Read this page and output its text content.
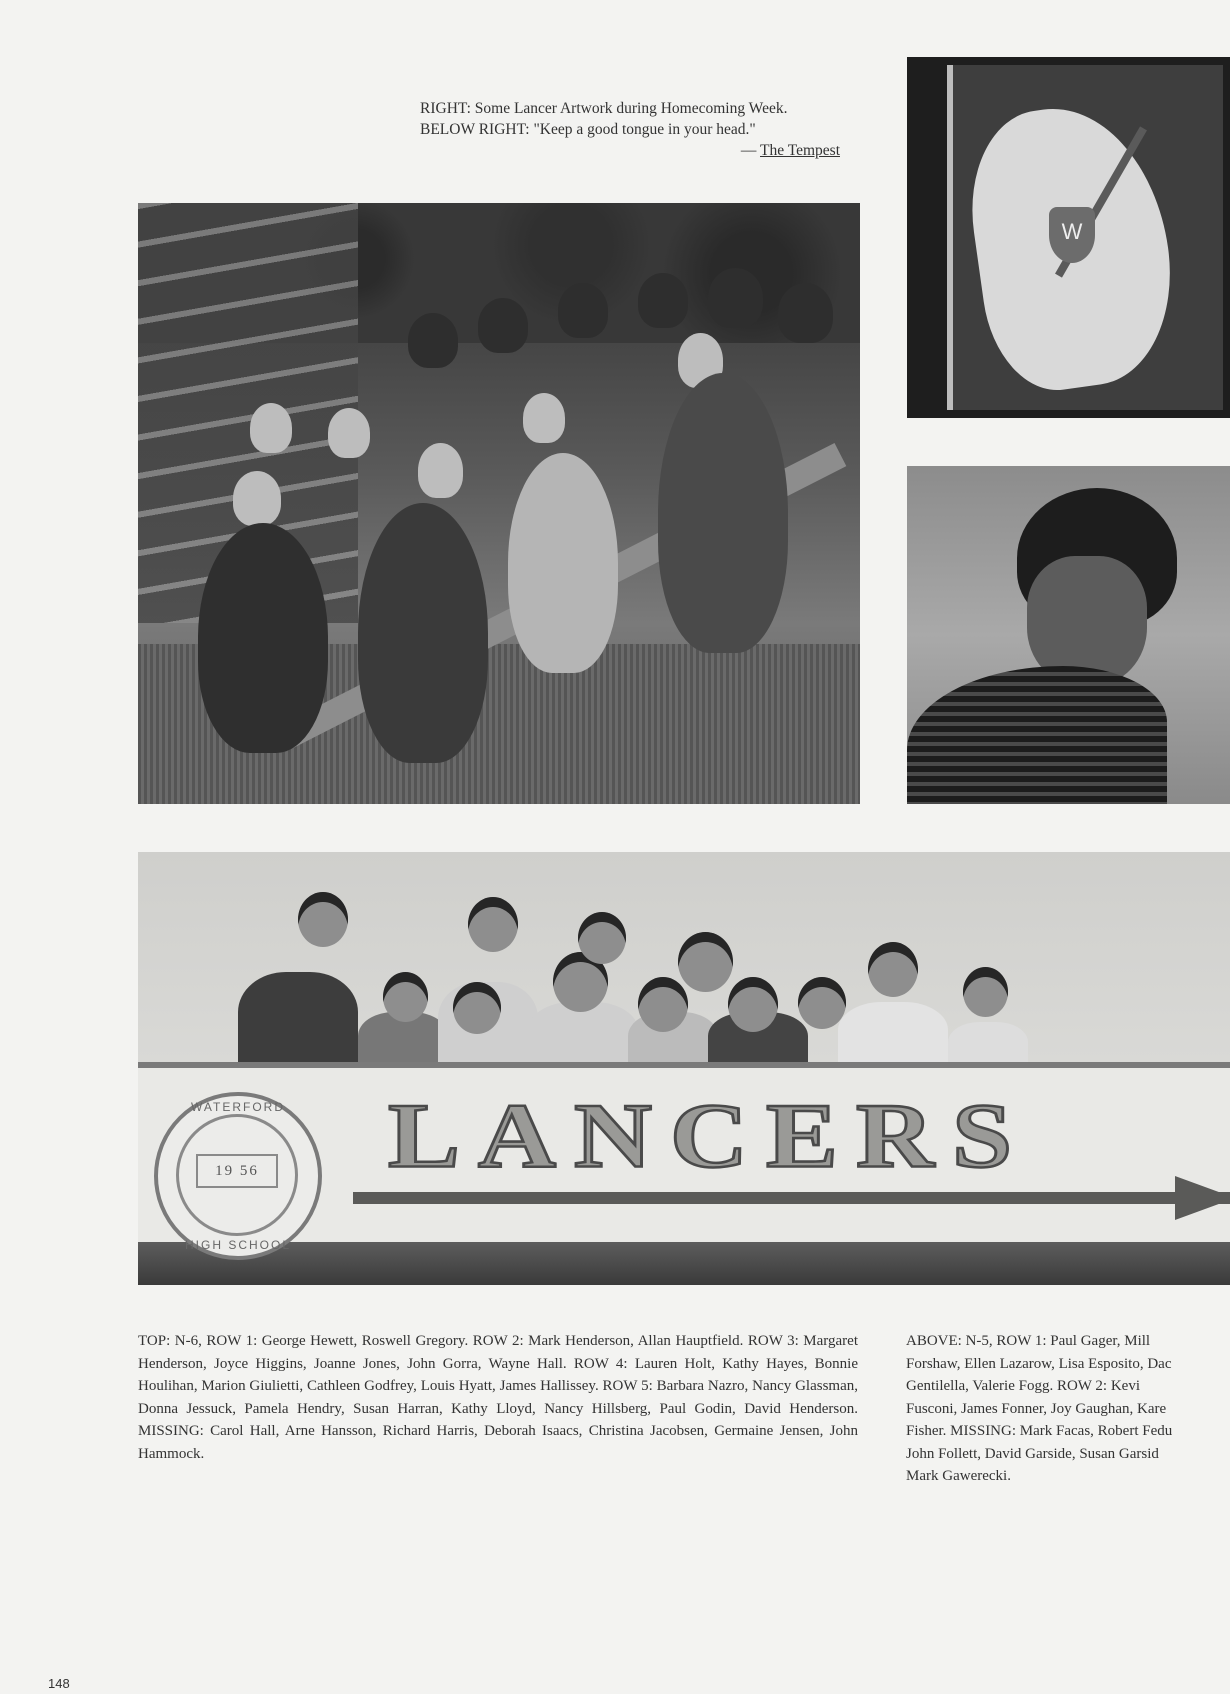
RIGHT: Some Lancer Artwork during Homecoming Week.
BELOW RIGHT: "Keep a good tongue in your head."
— The Tempest
W
WATERFORD
19 56
HIGH SCHOOL
LANCERS
TOP: N-6, ROW 1: George Hewett, Roswell Gregory. ROW 2: Mark Henderson, Allan Hauptfield. ROW 3: Margaret Henderson, Joyce Higgins, Joanne Jones, John Gorra, Wayne Hall. ROW 4: Lauren Holt, Kathy Hayes, Bonnie Houlihan, Marion Giulietti, Cathleen Godfrey, Louis Hyatt, James Hallissey. ROW 5: Barbara Nazro, Nancy Glassman, Donna Jessuck, Pamela Hendry, Susan Harran, Kathy Lloyd, Nancy Hillsberg, Paul Godin, David Henderson. MISSING: Carol Hall, Arne Hansson, Richard Harris, Deborah Isaacs, Christina Jacobsen, Germaine Jensen, John Hammock.
ABOVE: N-5, ROW 1: Paul Gager, Mill
Forshaw, Ellen Lazarow, Lisa Esposito, Dac
Gentilella, Valerie Fogg. ROW 2: Kevi
Fusconi, James Fonner, Joy Gaughan, Kare
Fisher. MISSING: Mark Facas, Robert Fedu
John Follett, David Garside, Susan Garsid
Mark Gawerecki.
148
